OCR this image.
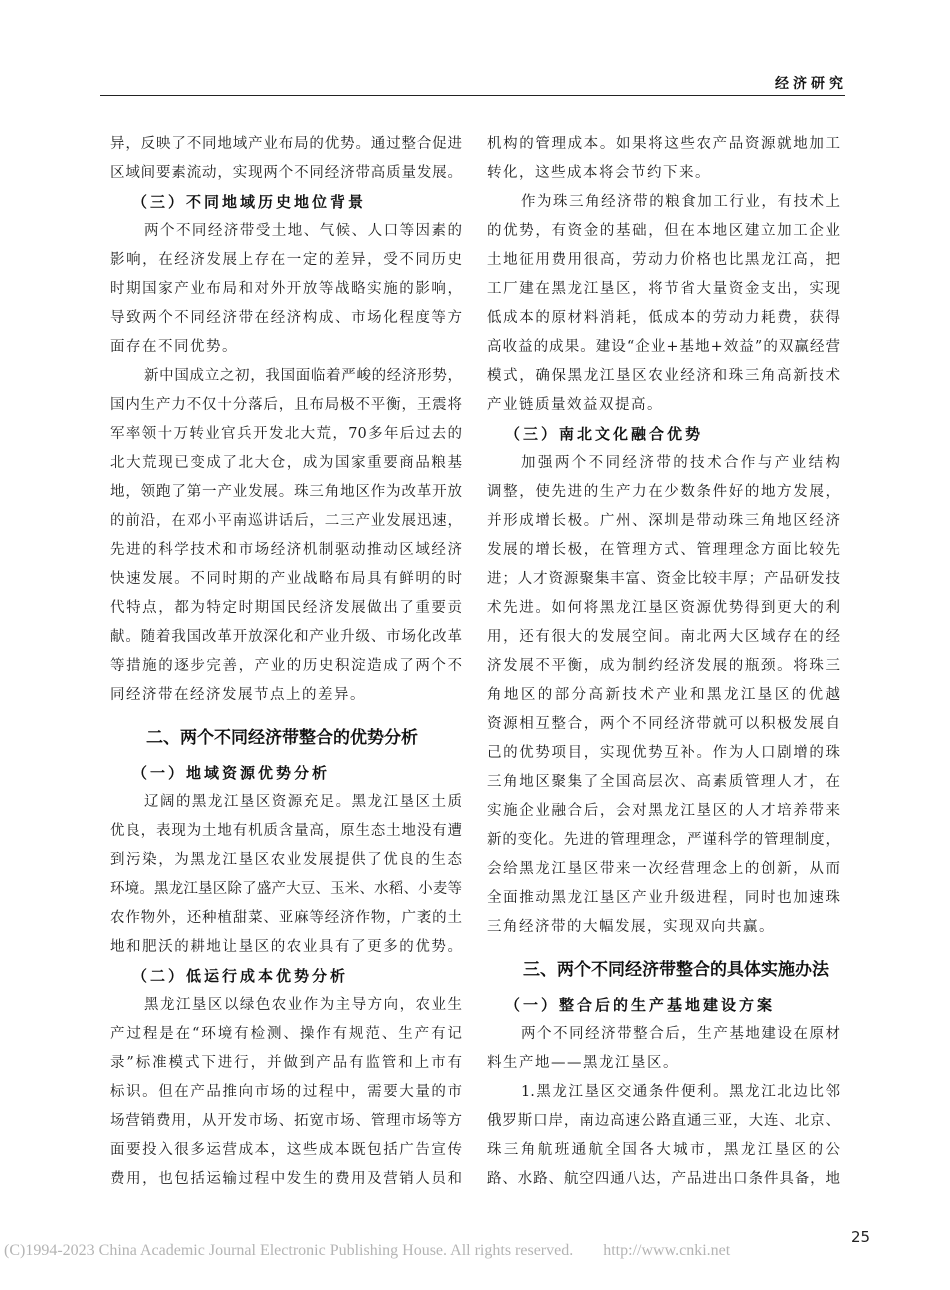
经济研究
异，反映了不同地域产业布局的优势。通过整合促进
区域间要素流动，实现两个不同经济带高质量发展。
（三）不同地域历史地位背景
两个不同经济带受土地、气候、人口等因素的
影响，在经济发展上存在一定的差异，受不同历史
时期国家产业布局和对外开放等战略实施的影响，
导致两个不同经济带在经济构成、市场化程度等方
面存在不同优势。
新中国成立之初，我国面临着严峻的经济形势，
国内生产力不仅十分落后，且布局极不平衡，王震将
军率领十万转业官兵开发北大荒，70多年后过去的
北大荒现已变成了北大仓，成为国家重要商品粮基
地，领跑了第一产业发展。珠三角地区作为改革开放
的前沿，在邓小平南巡讲话后，二三产业发展迅速，
先进的科学技术和市场经济机制驱动推动区域经济
快速发展。不同时期的产业战略布局具有鲜明的时
代特点，都为特定时期国民经济发展做出了重要贡
献。随着我国改革开放深化和产业升级、市场化改革
等措施的逐步完善，产业的历史积淀造成了两个不
同经济带在经济发展节点上的差异。
二、两个不同经济带整合的优势分析
（一）地域资源优势分析
辽阔的黑龙江垦区资源充足。黑龙江垦区土质
优良，表现为土地有机质含量高，原生态土地没有遭
到污染，为黑龙江垦区农业发展提供了优良的生态
环境。黑龙江垦区除了盛产大豆、玉米、水稻、小麦等
农作物外，还种植甜菜、亚麻等经济作物，广袤的土
地和肥沃的耕地让垦区的农业具有了更多的优势。
（二）低运行成本优势分析
黑龙江垦区以绿色农业作为主导方向，农业生
产过程是在“环境有检测、操作有规范、生产有记
录”标准模式下进行，并做到产品有监管和上市有
标识。但在产品推向市场的过程中，需要大量的市
场营销费用，从开发市场、拓宽市场、管理市场等方
面要投入很多运营成本，这些成本既包括广告宣传
费用，也包括运输过程中发生的费用及营销人员和
机构的管理成本。如果将这些农产品资源就地加工
转化，这些成本将会节约下来。
作为珠三角经济带的粮食加工行业，有技术上
的优势，有资金的基础，但在本地区建立加工企业
土地征用费用很高，劳动力价格也比黑龙江高，把
工厂建在黑龙江垦区，将节省大量资金支出，实现
低成本的原材料消耗，低成本的劳动力耗费，获得
高收益的成果。建设“企业+基地+效益”的双赢经营
模式，确保黑龙江垦区农业经济和珠三角高新技术
产业链质量效益双提高。
（三）南北文化融合优势
加强两个不同经济带的技术合作与产业结构
调整，使先进的生产力在少数条件好的地方发展，
并形成增长极。广州、深圳是带动珠三角地区经济
发展的增长极，在管理方式、管理理念方面比较先
进；人才资源聚集丰富、资金比较丰厚；产品研发技
术先进。如何将黑龙江垦区资源优势得到更大的利
用，还有很大的发展空间。南北两大区域存在的经
济发展不平衡，成为制约经济发展的瓶颈。将珠三
角地区的部分高新技术产业和黑龙江垦区的优越
资源相互整合，两个不同经济带就可以积极发展自
己的优势项目，实现优势互补。作为人口剧增的珠
三角地区聚集了全国高层次、高素质管理人才，在
实施企业融合后，会对黑龙江垦区的人才培养带来
新的变化。先进的管理理念，严谨科学的管理制度，
会给黑龙江垦区带来一次经营理念上的创新，从而
全面推动黑龙江垦区产业升级进程，同时也加速珠
三角经济带的大幅发展，实现双向共赢。
三、两个不同经济带整合的具体实施办法
（一）整合后的生产基地建设方案
两个不同经济带整合后，生产基地建设在原材
料生产地——黑龙江垦区。
1.黑龙江垦区交通条件便利。黑龙江北边比邻
俄罗斯口岸，南边高速公路直通三亚，大连、北京、
珠三角航班通航全国各大城市，黑龙江垦区的公
路、水路、航空四通八达，产品进出口条件具备，地
25
(C)1994-2023 China Academic Journal Electronic Publishing House. All rights reserved. http://www.cnki.net
